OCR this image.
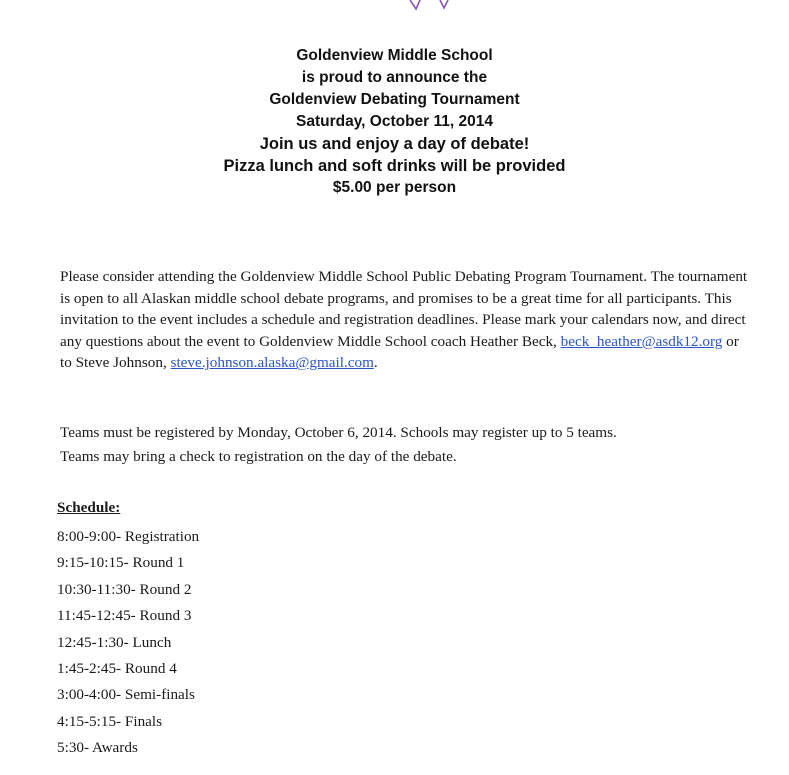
Goldenview Middle School
is proud to announce the
Goldenview Debating Tournament
Saturday, October 11, 2014
Join us and enjoy a day of debate!
Pizza lunch and soft drinks will be provided
$5.00 per person

Please consider attending the Goldenview Middle School Public Debating Program Tournament. The tournament is open to all Alaskan middle school debate programs, and promises to be a great time for all participants. This invitation to the event includes a schedule and registration deadlines. Please mark your calendars now, and direct any questions about the event to Goldenview Middle School coach Heather Beck, beck_heather@asdk12.org or to Steve Johnson, steve.johnson.alaska@gmail.com.

Teams must be registered by Monday, October 6, 2014. Schools may register up to 5 teams.

Teams may bring a check to registration on the day of the debate.

Schedule:
8:00-9:00- Registration
9:15-10:15- Round 1
10:30-11:30- Round 2
11:45-12:45- Round 3
12:45-1:30- Lunch
1:45-2:45- Round 4
3:00-4:00- Semi-finals
4:15-5:15- Finals
5:30- Awards
